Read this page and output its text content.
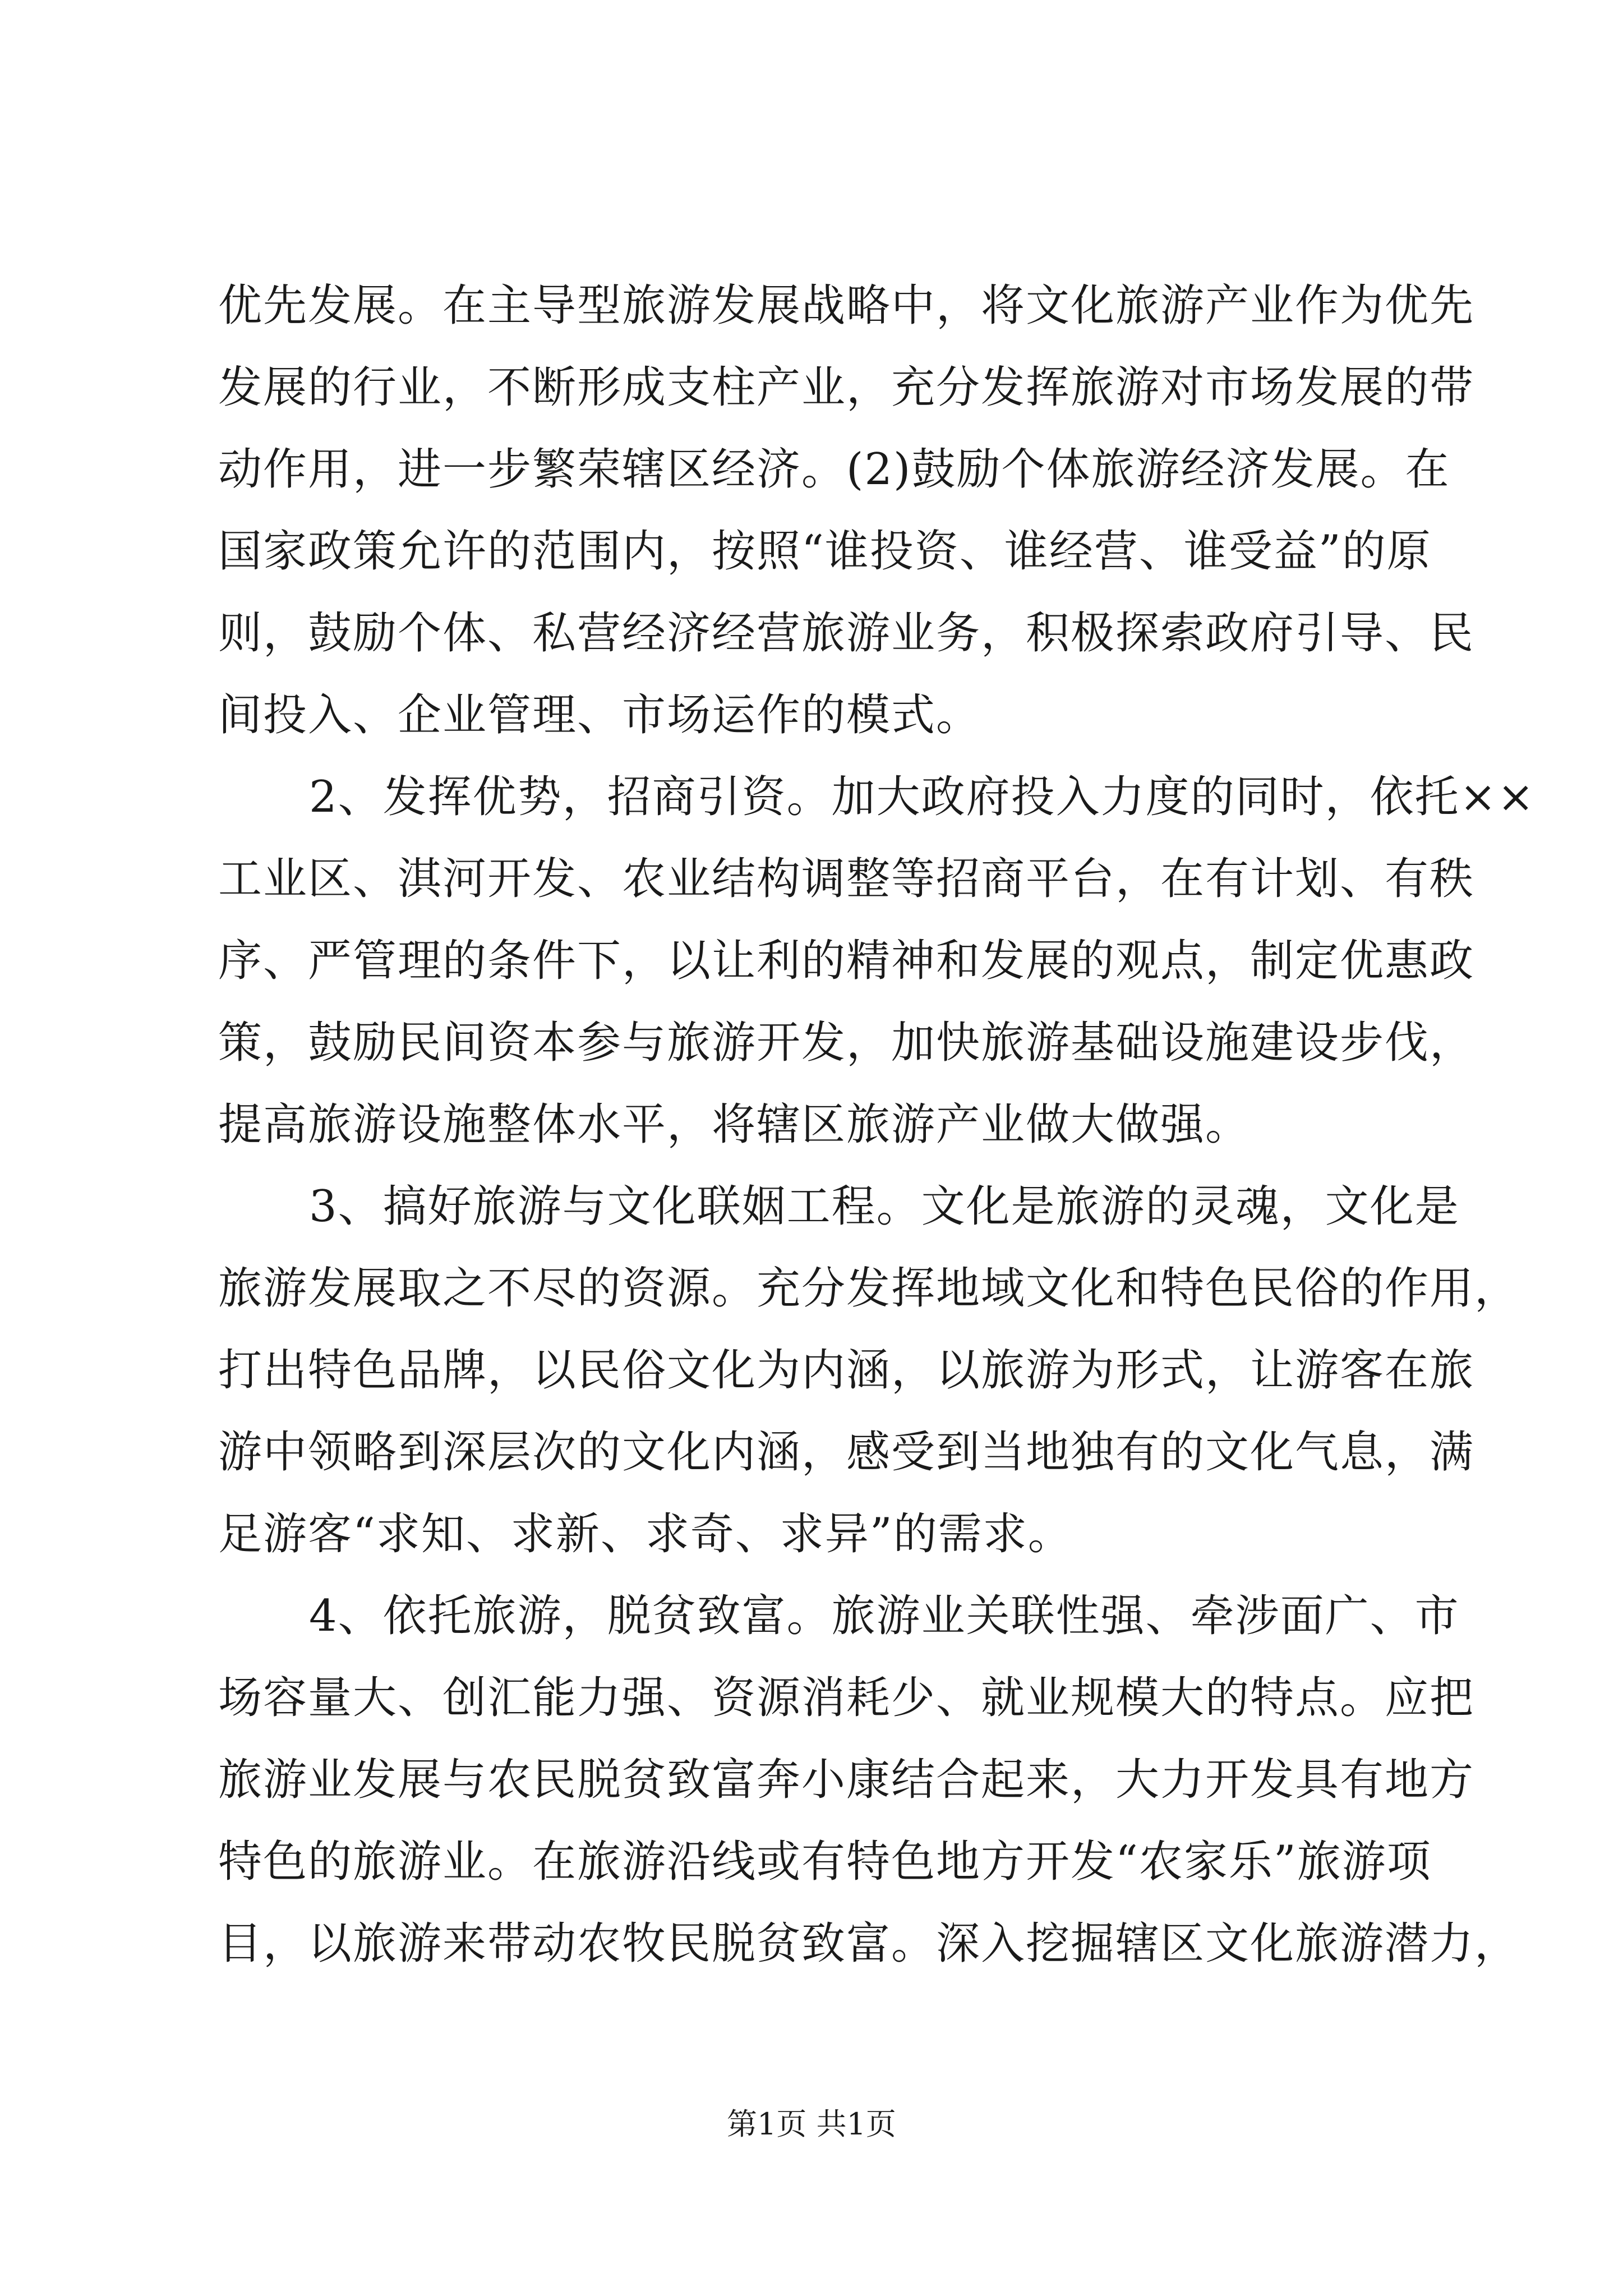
优先发展。在主导型旅游发展战略中，将文化旅游产业作为优先
发展的行业，不断形成支柱产业，充分发挥旅游对市场发展的带
动作用，进一步繁荣辖区经济。(2)鼓励个体旅游经济发展。在
国家政策允许的范围内，按照“谁投资、谁经营、谁受益”的原
则，鼓励个体、私营经济经营旅游业务，积极探索政府引导、民
间投入、企业管理、市场运作的模式。
2、发挥优势，招商引资。加大政府投入力度的同时，依托××
工业区、淇河开发、农业结构调整等招商平台，在有计划、有秩
序、严管理的条件下，以让利的精神和发展的观点，制定优惠政
策，鼓励民间资本参与旅游开发，加快旅游基础设施建设步伐，
提高旅游设施整体水平，将辖区旅游产业做大做强。
3、搞好旅游与文化联姻工程。文化是旅游的灵魂，文化是
旅游发展取之不尽的资源。充分发挥地域文化和特色民俗的作用，
打出特色品牌，以民俗文化为内涵，以旅游为形式，让游客在旅
游中领略到深层次的文化内涵，感受到当地独有的文化气息，满
足游客“求知、求新、求奇、求异”的需求。
4、依托旅游，脱贫致富。旅游业关联性强、牵涉面广、市
场容量大、创汇能力强、资源消耗少、就业规模大的特点。应把
旅游业发展与农民脱贫致富奔小康结合起来，大力开发具有地方
特色的旅游业。在旅游沿线或有特色地方开发“农家乐”旅游项
目，以旅游来带动农牧民脱贫致富。深入挖掘辖区文化旅游潜力，
第1页 共1页
